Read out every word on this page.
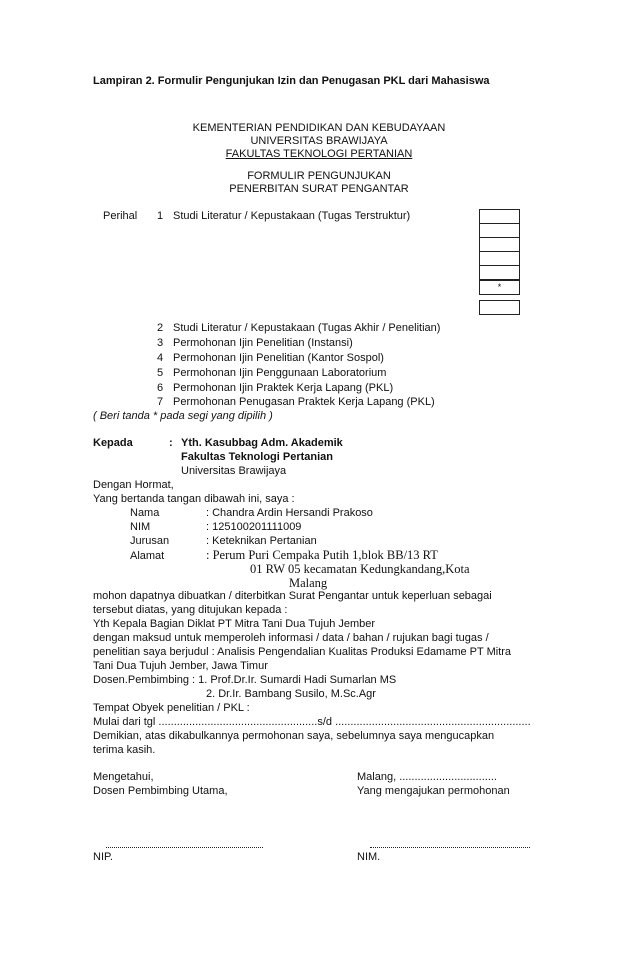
Lampiran 2. Formulir Pengunjukan Izin dan Penugasan PKL dari Mahasiswa
KEMENTERIAN PENDIDIKAN DAN KEBUDAYAAN
UNIVERSITAS BRAWIJAYA
FAKULTAS TEKNOLOGI PERTANIAN
FORMULIR PENGUNJUKAN
PENERBITAN SURAT PENGANTAR
Perihal 1 Studi Literatur / Kepustakaan (Tugas Terstruktur)
*
2 Studi Literatur / Kepustakaan (Tugas Akhir / Penelitian)
3 Permohonan Ijin Penelitian (Instansi)
4 Permohonan Ijin Penelitian (Kantor Sospol)
5 Permohonan Ijin Penggunaan Laboratorium
6 Permohonan Ijin Praktek Kerja Lapang (PKL)
7 Permohonan Penugasan Praktek Kerja Lapang (PKL)
( Beri tanda * pada segi yang dipilih )
Kepada	: Yth. Kasubbag Adm. Akademik
Fakultas Teknologi Pertanian
Universitas Brawijaya
Dengan Hormat,
Yang bertanda tangan dibawah ini, saya :
Nama	: Chandra Ardin Hersandi Prakoso
NIM	: 125100201111009
Jurusan	: Keteknikan Pertanian
Alamat	: Perum Puri Cempaka Putih 1,blok BB/13 RT
01 RW 05 kecamatan Kedungkandang,Kota
Malang
mohon dapatnya dibuatkan / diterbitkan Surat Pengantar untuk keperluan sebagai
tersebut diatas, yang ditujukan kepada :
Yth Kepala Bagian Diklat PT Mitra Tani Dua Tujuh Jember
dengan maksud untuk memperoleh informasi / data / bahan / rujukan bagi tugas /
penelitian saya berjudul : Analisis Pengendalian Kualitas Produksi Edamame PT Mitra
Tani Dua Tujuh Jember, Jawa Timur
Dosen.Pembimbing : 1. Prof.Dr.Ir. Sumardi Hadi Sumarlan MS
2. Dr.Ir. Bambang Susilo, M.Sc.Agr
Tempat Obyek penelitian / PKL :
Mulai dari tgl ....................................................s/d ................................................................
Demikian, atas dikabulkannya permohonan saya, sebelumnya saya mengucapkan
terima kasih.
Mengetahui,
Dosen Pembimbing Utama,
Malang, ................................
Yang mengajukan permohonan
NIP.	NIM.
